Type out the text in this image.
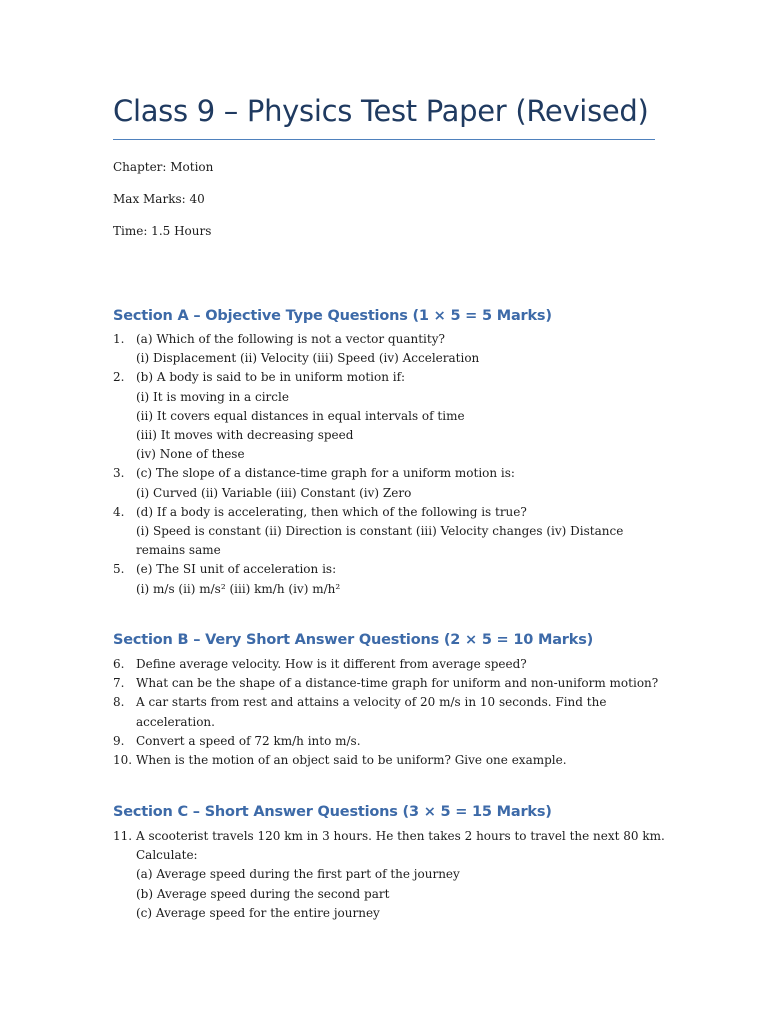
Class 9 – Physics Test Paper (Revised)
Chapter: Motion
Max Marks: 40
Time: 1.5 Hours
Section A – Objective Type Questions (1 × 5 = 5 Marks)
1. (a) Which of the following is not a vector quantity?
(i) Displacement (ii) Velocity (iii) Speed (iv) Acceleration
2. (b) A body is said to be in uniform motion if:
(i) It is moving in a circle
(ii) It covers equal distances in equal intervals of time
(iii) It moves with decreasing speed
(iv) None of these
3. (c) The slope of a distance-time graph for a uniform motion is:
(i) Curved (ii) Variable (iii) Constant (iv) Zero
4. (d) If a body is accelerating, then which of the following is true?
(i) Speed is constant (ii) Direction is constant (iii) Velocity changes (iv) Distance
remains same
5. (e) The SI unit of acceleration is:
(i) m/s (ii) m/s² (iii) km/h (iv) m/h²
Section B – Very Short Answer Questions (2 × 5 = 10 Marks)
6. Define average velocity. How is it different from average speed?
7. What can be the shape of a distance-time graph for uniform and non-uniform motion?
8. A car starts from rest and attains a velocity of 20 m/s in 10 seconds. Find the
acceleration.
9. Convert a speed of 72 km/h into m/s.
10. When is the motion of an object said to be uniform? Give one example.
Section C – Short Answer Questions (3 × 5 = 15 Marks)
11. A scooterist travels 120 km in 3 hours. He then takes 2 hours to travel the next 80 km.
Calculate:
(a) Average speed during the first part of the journey
(b) Average speed during the second part
(c) Average speed for the entire journey
